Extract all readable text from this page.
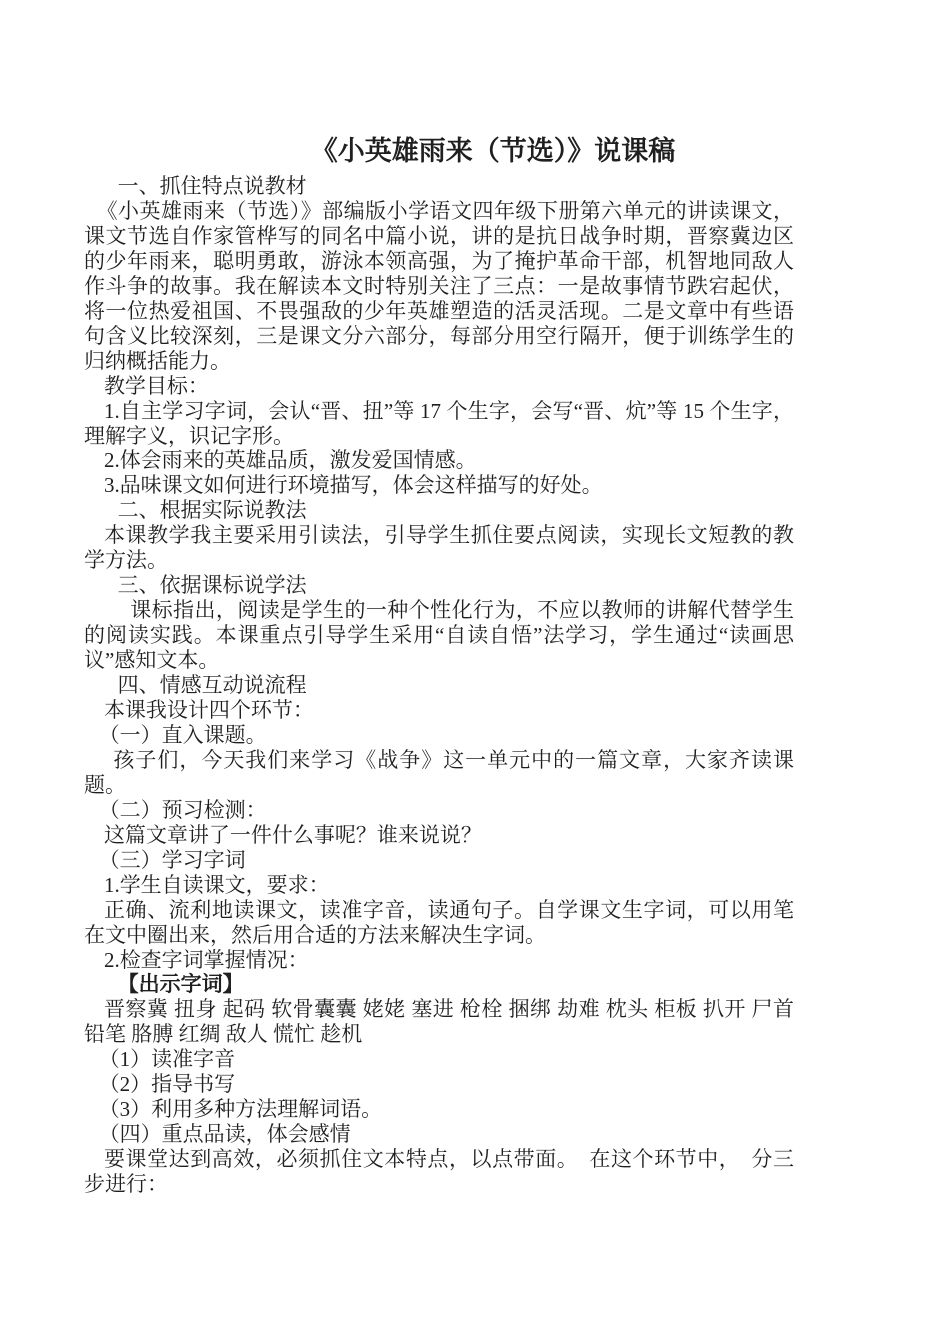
《小英雄雨来（节选）》说课稿

一、抓住特点说教材

《小英雄雨来（节选）》部编版小学语文四年级下册第六单元的讲读课文，课文节选自作家管桦写的同名中篇小说，讲的是抗日战争时期，晋察冀边区的少年雨来，聪明勇敢，游泳本领高强，为了掩护革命干部，机智地同敌人作斗争的故事。我在解读本文时特别关注了三点：一是故事情节跌宕起伏，将一位热爱祖国、不畏强敌的少年英雄塑造的活灵活现。二是文章中有些语句含义比较深刻，三是课文分六部分，每部分用空行隔开，便于训练学生的归纳概括能力。

教学目标：

1.自主学习字词，会认“晋、扭”等 17 个生字，会写“晋、炕”等 15 个生字，理解字义，识记字形。

2.体会雨来的英雄品质，激发爱国情感。

3.品味课文如何进行环境描写，体会这样描写的好处。

二、根据实际说教法

本课教学我主要采用引读法，引导学生抓住要点阅读，实现长文短教的教学方法。

三、依据课标说学法

课标指出，阅读是学生的一种个性化行为，不应以教师的讲解代替学生的阅读实践。本课重点引导学生采用“自读自悟”法学习，学生通过“读画思议”感知文本。

四、情感互动说流程

本课我设计四个环节：

（一）直入课题。

孩子们，今天我们来学习《战争》这一单元中的一篇文章，大家齐读课题。

（二）预习检测：

这篇文章讲了一件什么事呢？谁来说说？

（三）学习字词

1.学生自读课文，要求：

正确、流利地读课文，读准字音，读通句子。自学课文生字词，可以用笔在文中圈出来，然后用合适的方法来解决生字词。

2.检查字词掌握情况：

【出示字词】

晋察冀 扭身 起码 软骨囊囊 姥姥 塞进 枪栓 捆绑 劫难 枕头 柜板 扒开 尸首 铅笔 胳膊 红绸 敌人 慌忙 趁机

（1）读准字音

（2）指导书写

（3）利用多种方法理解词语。

（四）重点品读，体会感情

要课堂达到高效，必须抓住文本特点，以点带面。　在这个环节中，　分三步进行：
